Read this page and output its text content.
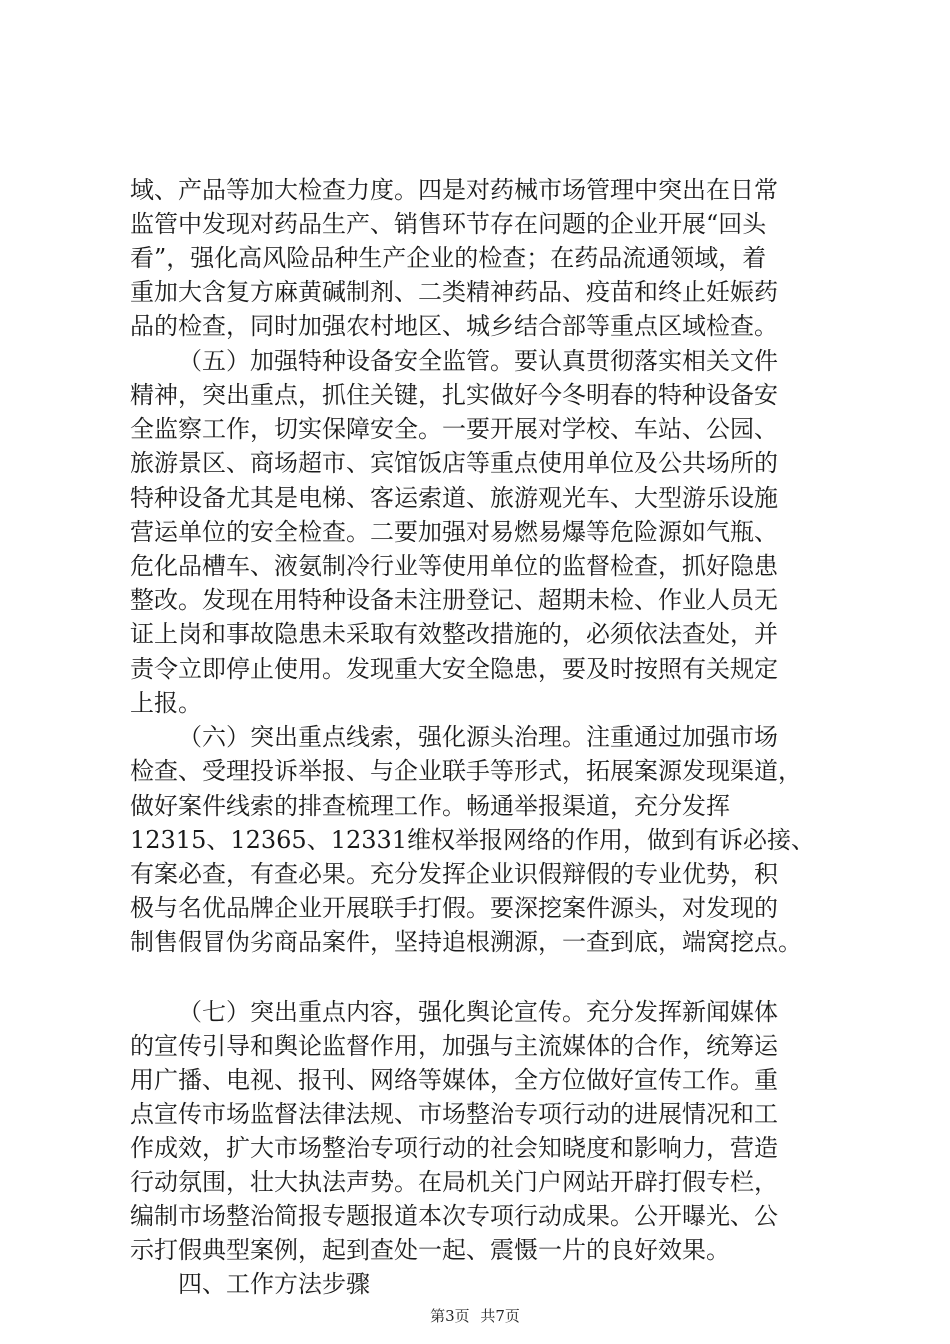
域、产品等加大检查力度。四是对药械市场管理中突出在日常
监管中发现对药品生产、销售环节存在问题的企业开展“回头
看”，强化高风险品种生产企业的检查；在药品流通领域，着
重加大含复方麻黄碱制剂、二类精神药品、疫苗和终止妊娠药
品的检查，同时加强农村地区、城乡结合部等重点区域检查。
（五）加强特种设备安全监管。要认真贯彻落实相关文件
精神，突出重点，抓住关键，扎实做好今冬明春的特种设备安
全监察工作，切实保障安全。一要开展对学校、车站、公园、
旅游景区、商场超市、宾馆饭店等重点使用单位及公共场所的
特种设备尤其是电梯、客运索道、旅游观光车、大型游乐设施
营运单位的安全检查。二要加强对易燃易爆等危险源如气瓶、
危化品槽车、液氨制冷行业等使用单位的监督检查，抓好隐患
整改。发现在用特种设备未注册登记、超期未检、作业人员无
证上岗和事故隐患未采取有效整改措施的，必须依法查处，并
责令立即停止使用。发现重大安全隐患，要及时按照有关规定
上报。
（六）突出重点线索，强化源头治理。注重通过加强市场
检查、受理投诉举报、与企业联手等形式，拓展案源发现渠道，
做好案件线索的排查梳理工作。畅通举报渠道，充分发挥
12315、12365、12331维权举报网络的作用，做到有诉必接、
有案必查，有查必果。充分发挥企业识假辩假的专业优势，积
极与名优品牌企业开展联手打假。要深挖案件源头，对发现的
制售假冒伪劣商品案件，坚持追根溯源，一查到底，端窝挖点。
（七）突出重点内容，强化舆论宣传。充分发挥新闻媒体
的宣传引导和舆论监督作用，加强与主流媒体的合作，统筹运
用广播、电视、报刊、网络等媒体，全方位做好宣传工作。重
点宣传市场监督法律法规、市场整治专项行动的进展情况和工
作成效，扩大市场整治专项行动的社会知晓度和影响力，营造
行动氛围，壮大执法声势。在局机关门户网站开辟打假专栏，
编制市场整治简报专题报道本次专项行动成果。公开曝光、公
示打假典型案例，起到查处一起、震慑一片的良好效果。
四、工作方法步骤
第3页 共7页
